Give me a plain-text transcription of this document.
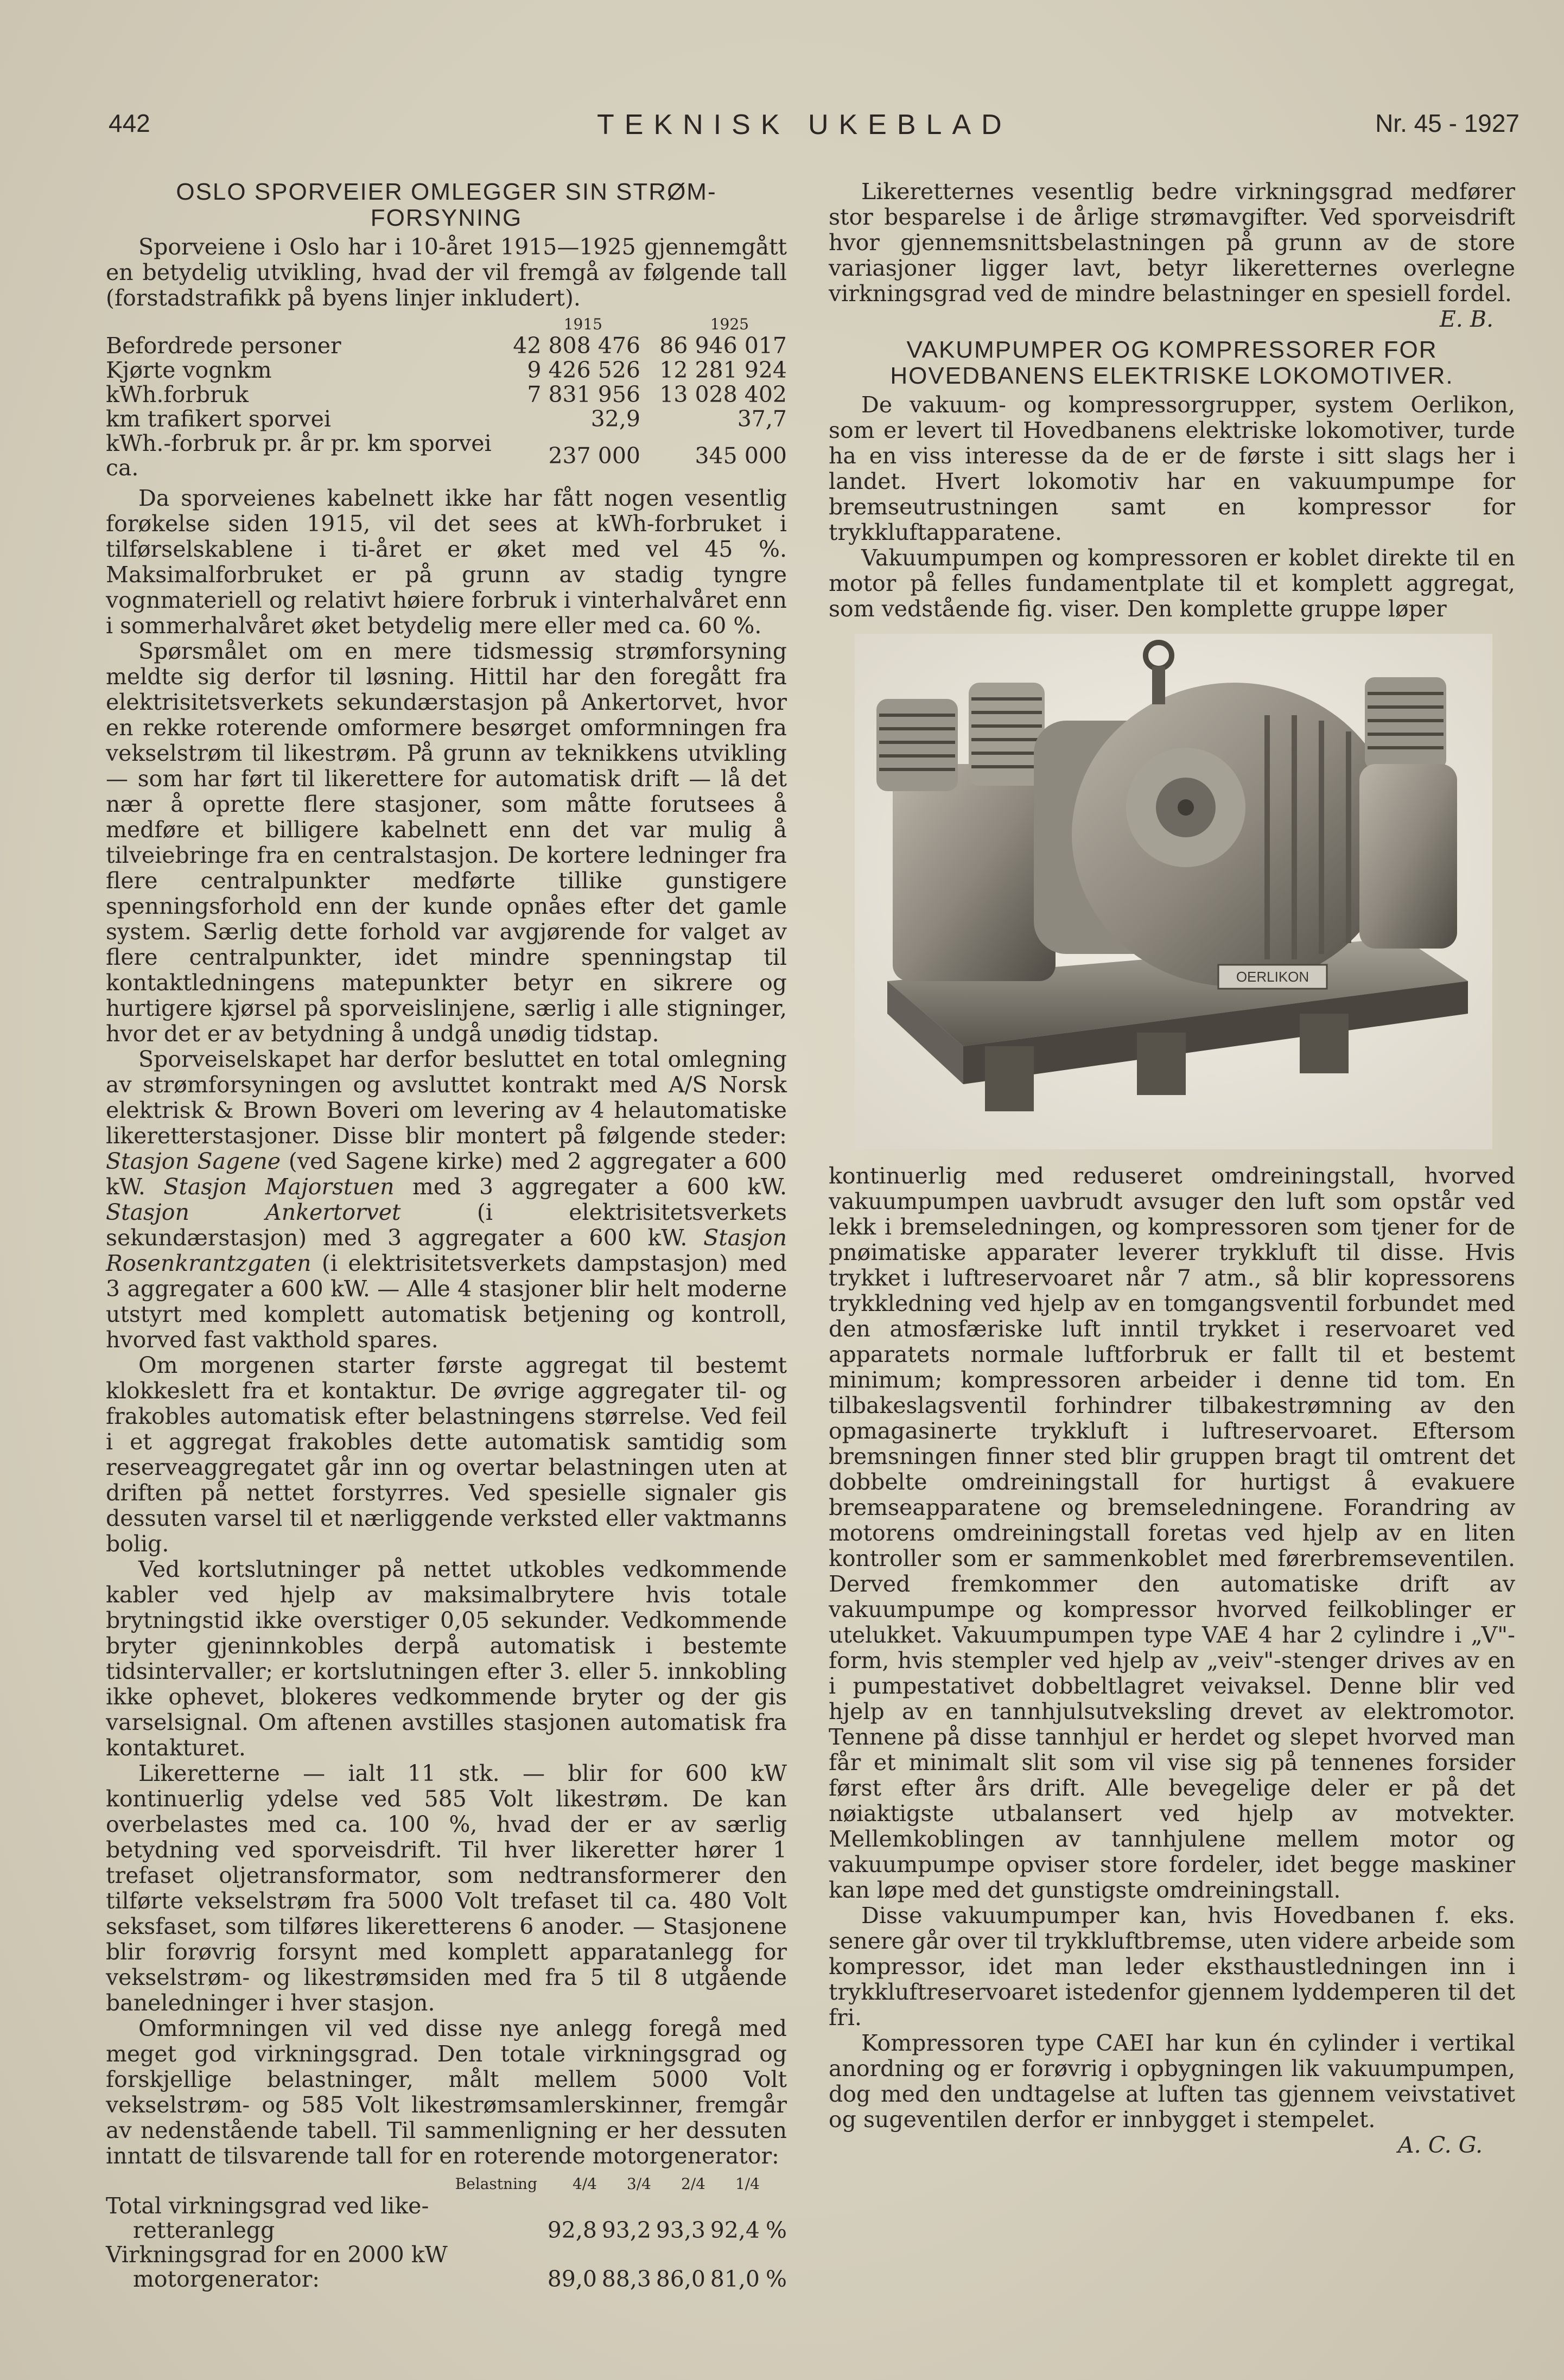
442	TEKNISK UKEBLAD	Nr. 45 - 1927
OSLO SPORVEIER OMLEGGER SIN STRØM-FORSYNING

Sporveiene i Oslo har i 10-året 1915—1925 gjennemgått en betydelig utvikling, hvad der vil fremgå av følgende tall (forstadstrafikk på byens linjer inkludert).

	1915	1925
Befordrede personer	42 808 476	86 946 017
Kjørte vognkm	9 426 526	12 281 924
kWh.forbruk	7 831 956	13 028 402
km trafikert sporvei	32,9	37,7
kWh.-forbruk pr. år pr. km sporvei ca.	237 000	345 000

Da sporveienes kabelnett ikke har fått nogen vesentlig forøkelse siden 1915, vil det sees at kWh-forbruket i tilførselskablene i ti-året er øket med vel 45 %. Maksimalforbruket er på grunn av stadig tyngre vognmateriell og relativt høiere forbruk i vinterhalvåret enn i sommerhalvåret øket betydelig mere eller med ca. 60 %.

Spørsmålet om en mere tidsmessig strømforsyning meldte sig derfor til løsning. Hittil har den foregått fra elektrisitetsverkets sekundærstasjon på Ankertorvet, hvor en rekke roterende omformere besørget omformningen fra vekselstrøm til likestrøm. På grunn av teknikkens utvikling — som har ført til likerettere for automatisk drift — lå det nær å oprette flere stasjoner, som måtte forutsees å medføre et billigere kabelnett enn det var mulig å tilveiebringe fra en centralstasjon. De kortere ledninger fra flere centralpunkter medførte tillike gunstigere spenningsforhold enn der kunde opnåes efter det gamle system. Særlig dette forhold var avgjørende for valget av flere centralpunkter, idet mindre spenningstap til kontaktledningens matepunkter betyr en sikrere og hurtigere kjørsel på sporveislinjene, særlig i alle stigninger, hvor det er av betydning å undgå unødig tidstap.

Sporveiselskapet har derfor besluttet en total omlegning av strømforsyningen og avsluttet kontrakt med A/S Norsk elektrisk & Brown Boveri om levering av 4 helautomatiske likeretterstasjoner. Disse blir montert på følgende steder: Stasjon Sagene (ved Sagene kirke) med 2 aggregater a 600 kW. Stasjon Majorstuen med 3 aggregater a 600 kW. Stasjon Ankertorvet	(i elektrisitetsverkets sekundærstasjon) med 3 aggregater a 600 kW. Stasjon Rosenkrantzgaten (i elektrisitetsverkets dampstasjon) med 3 aggregater a 600 kW. — Alle 4 stasjoner blir helt moderne utstyrt med komplett automatisk betjening og kontroll, hvorved fast vakthold spares.

Om morgenen starter første aggregat til bestemt klokkeslett fra et kontaktur. De øvrige aggregater til- og frakobles automatisk efter belastningens størrelse. Ved feil i et aggregat frakobles dette automatisk samtidig som reserveaggregatet går inn og overtar belastningen uten at driften på nettet forstyrres. Ved spesielle signaler gis dessuten varsel til et nærliggende verksted eller vaktmanns bolig.

Ved kortslutninger på nettet utkobles vedkommende kabler ved hjelp av maksimalbrytere hvis totale brytningstid ikke overstiger 0,05 sekunder. Vedkommende bryter gjeninnkobles derpå automatisk i bestemte tidsintervaller; er kortslutningen efter 3. eller 5. innkobling ikke ophevet, blokeres vedkommende bryter og der gis varselsignal. Om aftenen avstilles stasjonen automatisk fra kontakturet.

Likeretterne — ialt 11 stk. — blir for 600 kW kontinuerlig ydelse ved 585 Volt likestrøm. De kan overbelastes med ca. 100 %, hvad der er av særlig betydning ved sporveisdrift. Til hver likeretter hører 1 trefaset oljetransformator, som nedtransformerer den tilførte vekselstrøm fra 5000 Volt trefaset til ca. 480 Volt seksfaset, som tilføres likeretterens 6 anoder. — Stasjonene blir forøvrig forsynt med komplett apparatanlegg for vekselstrøm- og likestrømsiden med fra 5 til 8 utgående baneledninger i hver stasjon.

Omformningen vil ved disse nye anlegg foregå med meget god virkningsgrad. Den totale virkningsgrad og forskjellige belastninger, målt mellem 5000 Volt vekselstrøm- og 585 Volt likestrømsamlerskinner, fremgår av nedenstående tabell. Til sammenligning er her dessuten inntatt de tilsvarende tall for en roterende motorgenerator:

Belastning	4/4	3/4	2/4	1/4	
Total virkningsgrad ved like-					
retteranlegg	92,8	93,2	93,3	92,4	%
Virkningsgrad for en 2000 kW					
motorgenerator:	89,0	88,3	86,0	81,0	%

Likeretternes vesentlig bedre virkningsgrad medfører stor besparelse i de årlige strømavgifter. Ved sporveisdrift hvor gjennemsnittsbelastningen på grunn av de store variasjoner ligger lavt, betyr likeretternes overlegne virkningsgrad ved de mindre belastninger en spesiell fordel.
E. B.

VAKUMPUMPER OG KOMPRESSORER FOR HOVEDBANENS ELEKTRISKE LOKOMOTIVER.

De vakuum- og kompressorgrupper, system Oerlikon, som er levert til Hovedbanens elektriske lokomotiver, turde ha en viss interesse da de er de første i sitt slags her i landet. Hvert lokomotiv har en vakuumpumpe for bremseutrustningen samt en kompressor for trykkluftapparatene.

Vakuumpumpen og kompressoren er koblet direkte til en motor på felles fundamentplate til et komplett aggregat, som vedstående fig. viser. Den komplette gruppe løper

OERLIKON

kontinuerlig med reduseret omdreiningstall, hvorved vakuumpumpen uavbrudt avsuger den luft som opstår ved lekk i bremseledningen, og kompressoren som tjener for de pnøimatiske apparater leverer trykkluft til disse. Hvis trykket i luftreservoaret når 7 atm., så blir kopressorens trykkledning ved hjelp av en tomgangsventil forbundet med den atmosfæriske luft inntil trykket i reservoaret ved apparatets normale luftforbruk er fallt til et bestemt minimum; kompressoren arbeider i denne tid tom. En tilbakeslagsventil forhindrer tilbakestrømning av den opmagasinerte trykkluft i luftreservoaret. Eftersom bremsningen finner sted blir gruppen bragt til omtrent det dobbelte omdreiningstall for hurtigst å evakuere bremseapparatene og bremseledningene. Forandring av motorens omdreiningstall foretas ved hjelp av en liten kontroller som er sammenkoblet med førerbremseventilen. Derved fremkommer den automatiske drift av vakuumpumpe og kompressor hvorved feilkoblinger er utelukket. Vakuumpumpen type VAE 4 har 2 cylindre i „V"-form, hvis stempler ved hjelp av „veiv"-stenger drives av en i pumpestativet dobbeltlagret veivaksel. Denne blir ved hjelp av en tannhjulsutveksling drevet av elektromotor. Tennene på disse tannhjul er herdet og slepet hvorved man får et minimalt slit som vil vise sig på tennenes forsider først efter års drift. Alle bevegelige deler er på det nøiaktigste utbalansert ved hjelp av motvekter. Mellemkoblingen av tannhjulene mellem motor og vakuumpumpe opviser store fordeler, idet begge maskiner kan løpe med det gunstigste omdreiningstall.

Disse vakuumpumper kan, hvis Hovedbanen f. eks. senere går over til trykkluftbremse, uten videre arbeide som kompressor, idet man leder eksthaustledningen inn i trykkluftreservoaret istedenfor gjennem lyddemperen til det fri.

Kompressoren type CAEI har kun én cylinder i vertikal anordning og er forøvrig i opbygningen lik vakuumpumpen, dog med den undtagelse at luften tas gjennem veivstativet og sugeventilen derfor er innbygget i stempelet.

A. C. G.
